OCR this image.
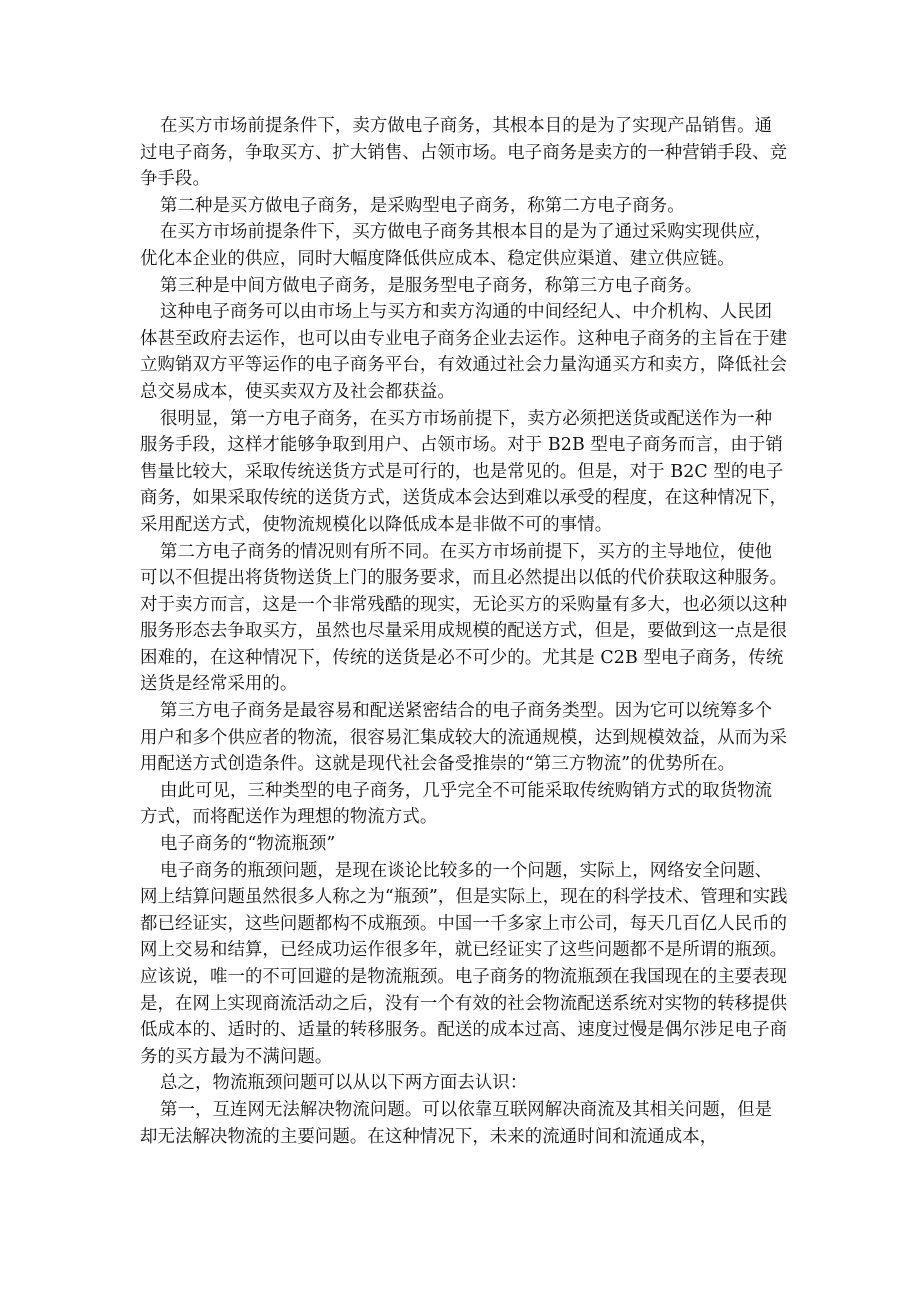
在买方市场前提条件下，卖方做电子商务，其根本目的是为了实现产品销售。通过电子商务，争取买方、扩大销售、占领市场。电子商务是卖方的一种营销手段、竞争手段。

第二种是买方做电子商务，是采购型电子商务，称第二方电子商务。

在买方市场前提条件下，买方做电子商务其根本目的是为了通过采购实现供应，优化本企业的供应，同时大幅度降低供应成本、稳定供应渠道、建立供应链。

第三种是中间方做电子商务，是服务型电子商务，称第三方电子商务。

这种电子商务可以由市场上与买方和卖方沟通的中间经纪人、中介机构、人民团体甚至政府去运作，也可以由专业电子商务企业去运作。这种电子商务的主旨在于建立购销双方平等运作的电子商务平台，有效通过社会力量沟通买方和卖方，降低社会总交易成本，使买卖双方及社会都获益。

很明显，第一方电子商务，在买方市场前提下，卖方必须把送货或配送作为一种服务手段，这样才能够争取到用户、占领市场。对于 B2B 型电子商务而言，由于销售量比较大，采取传统送货方式是可行的，也是常见的。但是，对于 B2C 型的电子商务，如果采取传统的送货方式，送货成本会达到难以承受的程度，在这种情况下，采用配送方式，使物流规模化以降低成本是非做不可的事情。

第二方电子商务的情况则有所不同。在买方市场前提下，买方的主导地位，使他可以不但提出将货物送货上门的服务要求，而且必然提出以低的代价获取这种服务。对于卖方而言，这是一个非常残酷的现实，无论买方的采购量有多大，也必须以这种服务形态去争取买方，虽然也尽量采用成规模的配送方式，但是，要做到这一点是很困难的，在这种情况下，传统的送货是必不可少的。尤其是 C2B 型电子商务，传统送货是经常采用的。

第三方电子商务是最容易和配送紧密结合的电子商务类型。因为它可以统筹多个用户和多个供应者的物流，很容易汇集成较大的流通规模，达到规模效益，从而为采用配送方式创造条件。这就是现代社会备受推崇的“第三方物流”的优势所在。

由此可见，三种类型的电子商务，几乎完全不可能采取传统购销方式的取货物流方式，而将配送作为理想的物流方式。

电子商务的“物流瓶颈”

电子商务的瓶颈问题，是现在谈论比较多的一个问题，实际上，网络安全问题、网上结算问题虽然很多人称之为“瓶颈”，但是实际上，现在的科学技术、管理和实践都已经证实，这些问题都构不成瓶颈。中国一千多家上市公司，每天几百亿人民币的网上交易和结算，已经成功运作很多年，就已经证实了这些问题都不是所谓的瓶颈。应该说，唯一的不可回避的是物流瓶颈。电子商务的物流瓶颈在我国现在的主要表现是，在网上实现商流活动之后，没有一个有效的社会物流配送系统对实物的转移提供低成本的、适时的、适量的转移服务。配送的成本过高、速度过慢是偶尔涉足电子商务的买方最为不满问题。

总之，物流瓶颈问题可以从以下两方面去认识：

第一，互连网无法解决物流问题。可以依靠互联网解决商流及其相关问题，但是却无法解决物流的主要问题。在这种情况下，未来的流通时间和流通成本，
